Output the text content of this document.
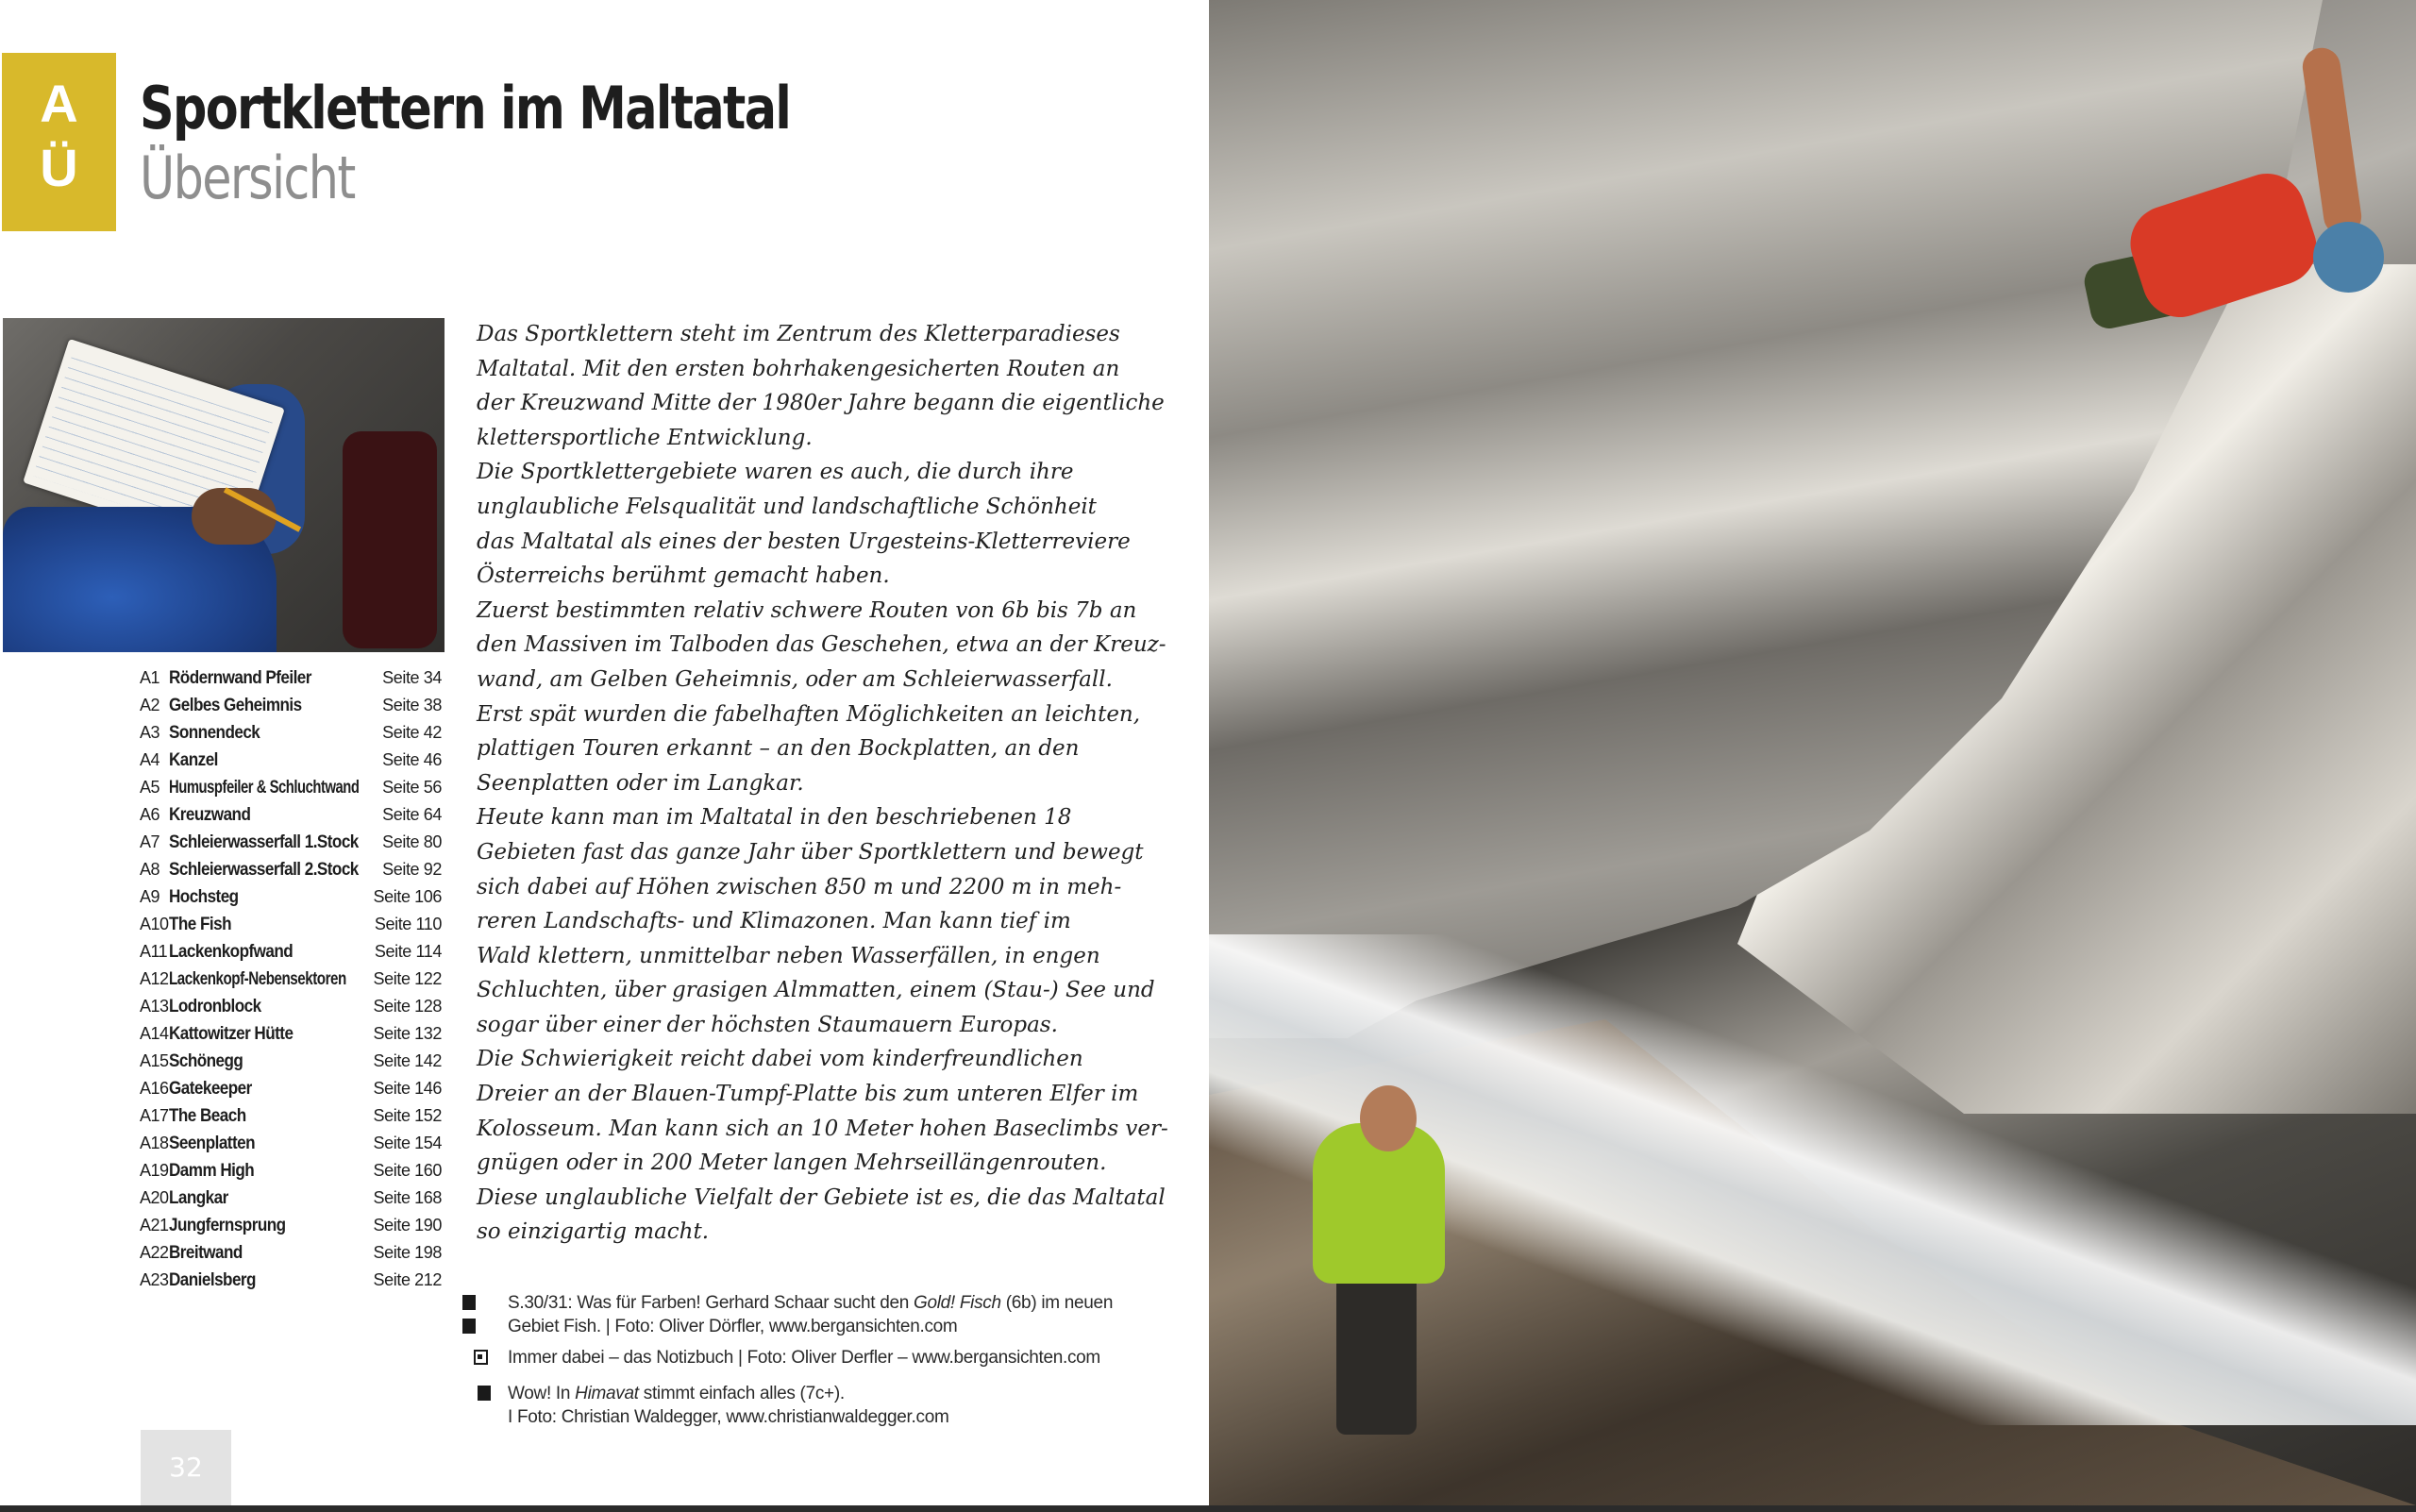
A
Ü
Sportklettern im Maltatal
Übersicht
A1 Rödernwand Pfeiler	Seite 34
A2 Gelbes Geheimnis	Seite 38
A3 Sonnendeck	Seite 42
A4 Kanzel	Seite 46
A5 Humuspfeiler & Schluchtwand Seite 56
A6 Kreuzwand	Seite 64
A7 Schleierwasserfall 1.Stock Seite 80
A8 Schleierwasserfall 2.Stock Seite 92
A9 Hochsteg	Seite 106
A10 The Fish	Seite 110
A11 Lackenkopfwand	Seite 114
A12 Lackenkopf-Nebensektoren Seite 122
A13 Lodronblock	Seite 128
A14 Kattowitzer Hütte	Seite 132
A15 Schönegg	Seite 142
A16 Gatekeeper	Seite 146
A17 The Beach	Seite 152
A18 Seenplatten	Seite 154
A19 Damm High	Seite 160
A20 Langkar	Seite 168
A21 Jungfernsprung	Seite 190
A22 Breitwand	Seite 198
A23 Danielsberg	Seite 212

Das Sportklettern steht im Zentrum des Kletterparadieses

Maltatal. Mit den ersten bohrhakengesicherten Routen an

der Kreuzwand Mitte der 1980er Jahre begann die eigentliche

klettersportliche Entwicklung.

Die Sportklettergebiete waren es auch, die durch ihre

unglaubliche Felsqualität und landschaftliche Schönheit

das Maltatal als eines der besten Urgesteins-Kletterreviere

Österreichs berühmt gemacht haben.

Zuerst bestimmten relativ schwere Routen von 6b bis 7b an

den Massiven im Talboden das Geschehen, etwa an der Kreuz-

wand, am Gelben Geheimnis, oder am Schleierwasserfall.

Erst spät wurden die fabelhaften Möglichkeiten an leichten,

plattigen Touren erkannt – an den Bockplatten, an den

Seenplatten oder im Langkar.

Heute kann man im Maltatal in den beschriebenen 18

Gebieten fast das ganze Jahr über Sportklettern und bewegt

sich dabei auf Höhen zwischen 850 m und 2200 m in meh-

reren Landschafts- und Klimazonen. Man kann tief im

Wald klettern, unmittelbar neben Wasserfällen, in engen

Schluchten, über grasigen Almmatten, einem (Stau-) See und

sogar über einer der höchsten Staumauern Europas.

Die Schwierigkeit reicht dabei vom kinderfreundlichen

Dreier an der Blauen-Tumpf-Platte bis zum unteren Elfer im

Kolosseum. Man kann sich an 10 Meter hohen Baseclimbs ver-

gnügen oder in 200 Meter langen Mehrseillängenrouten.

Diese unglaubliche Vielfalt der Gebiete ist es, die das Maltatal

so einzigartig macht.

S.30/31: Was für Farben! Gerhard Schaar sucht den Gold! Fisch (6b) im neuen
Gebiet Fish. | Foto: Oliver Dörfler, www.bergansichten.com
Immer dabei – das Notizbuch | Foto: Oliver Derfler – www.bergansichten.com
Wow! In Himavat stimmt einfach alles (7c+).
I Foto: Christian Waldegger, www.christianwaldegger.com
32
